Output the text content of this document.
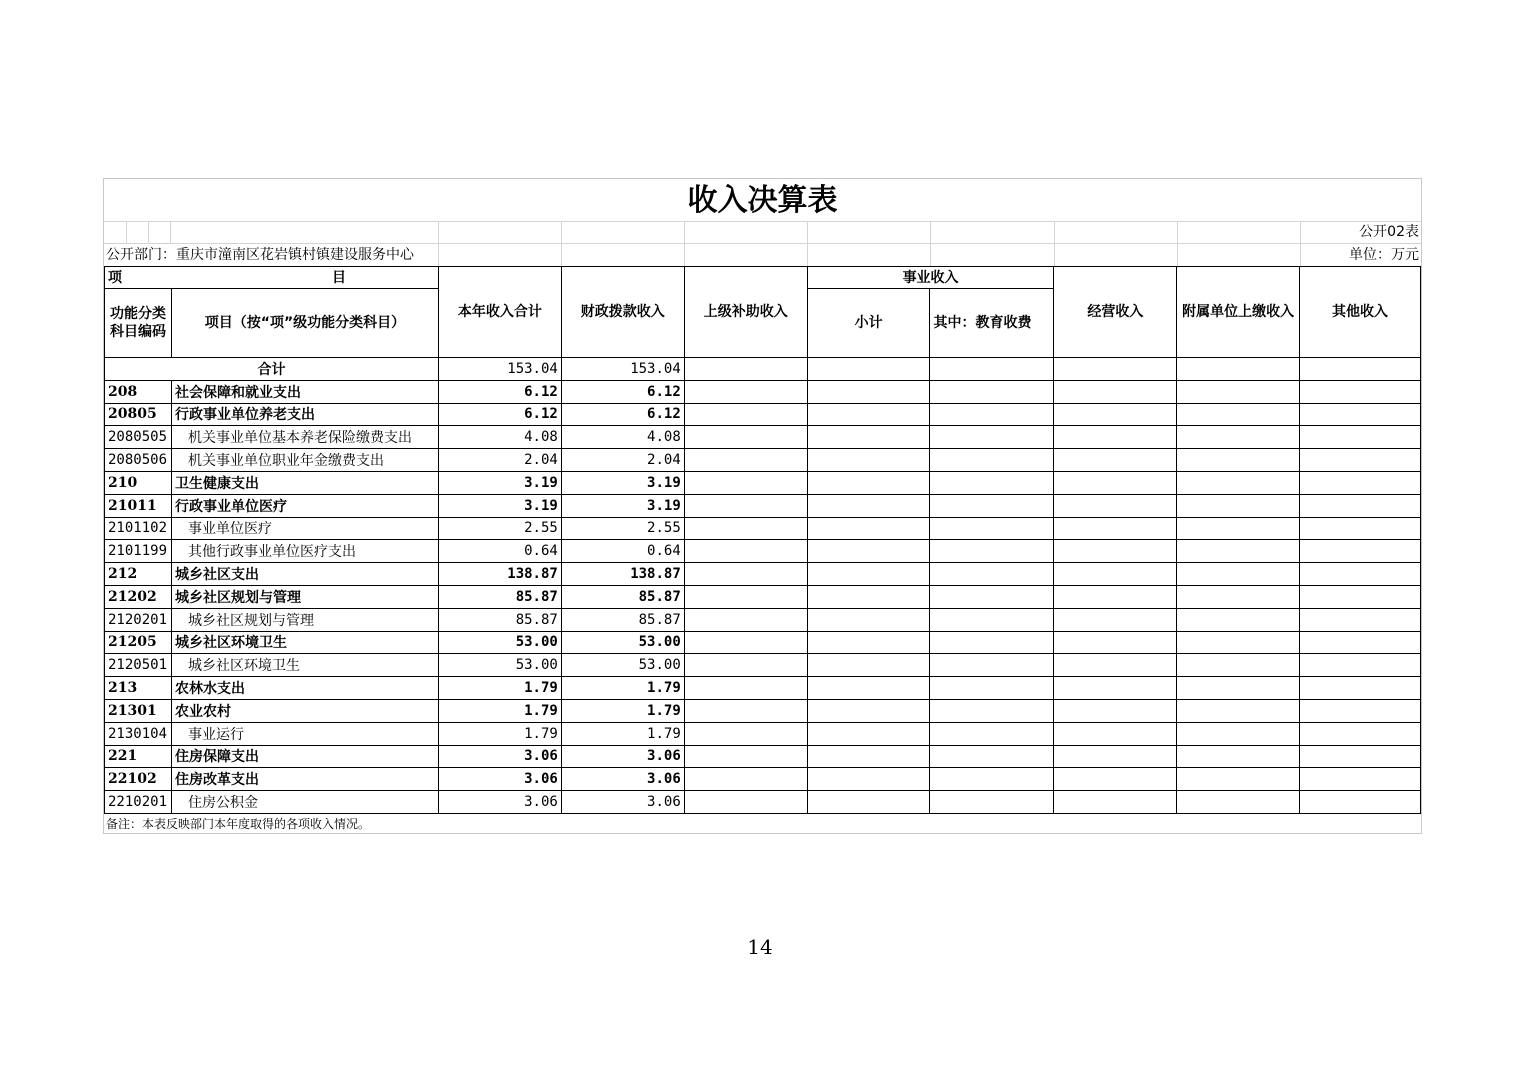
收入决算表
公开02表
公开部门：重庆市潼南区花岩镇村镇建设服务中心	单位：万元
项　　　　　　　　　　　　　　　目		本年收入合计	财政拨款收入	上级补助收入	事业收入		经营收入	附属单位上缴收入	其他收入
功能分类科目编码	项目（按“项”级功能分类科目）				小计	其中：教育收费			
合计		153.04	153.04						
208	社会保障和就业支出	6.12	6.12						
20805	行政事业单位养老支出	6.12	6.12						
2080505	机关事业单位基本养老保险缴费支出	4.08	4.08						
2080506	机关事业单位职业年金缴费支出	2.04	2.04						
210	卫生健康支出	3.19	3.19						
21011	行政事业单位医疗	3.19	3.19						
2101102	事业单位医疗	2.55	2.55						
2101199	其他行政事业单位医疗支出	0.64	0.64						
212	城乡社区支出	138.87	138.87						
21202	城乡社区规划与管理	85.87	85.87						
2120201	城乡社区规划与管理	85.87	85.87						
21205	城乡社区环境卫生	53.00	53.00						
2120501	城乡社区环境卫生	53.00	53.00						
213	农林水支出	1.79	1.79						
21301	农业农村	1.79	1.79						
2130104	事业运行	1.79	1.79						
221	住房保障支出	3.06	3.06						
22102	住房改革支出	3.06	3.06						
2210201	住房公积金	3.06	3.06						
备注：本表反映部门本年度取得的各项收入情况。
14
